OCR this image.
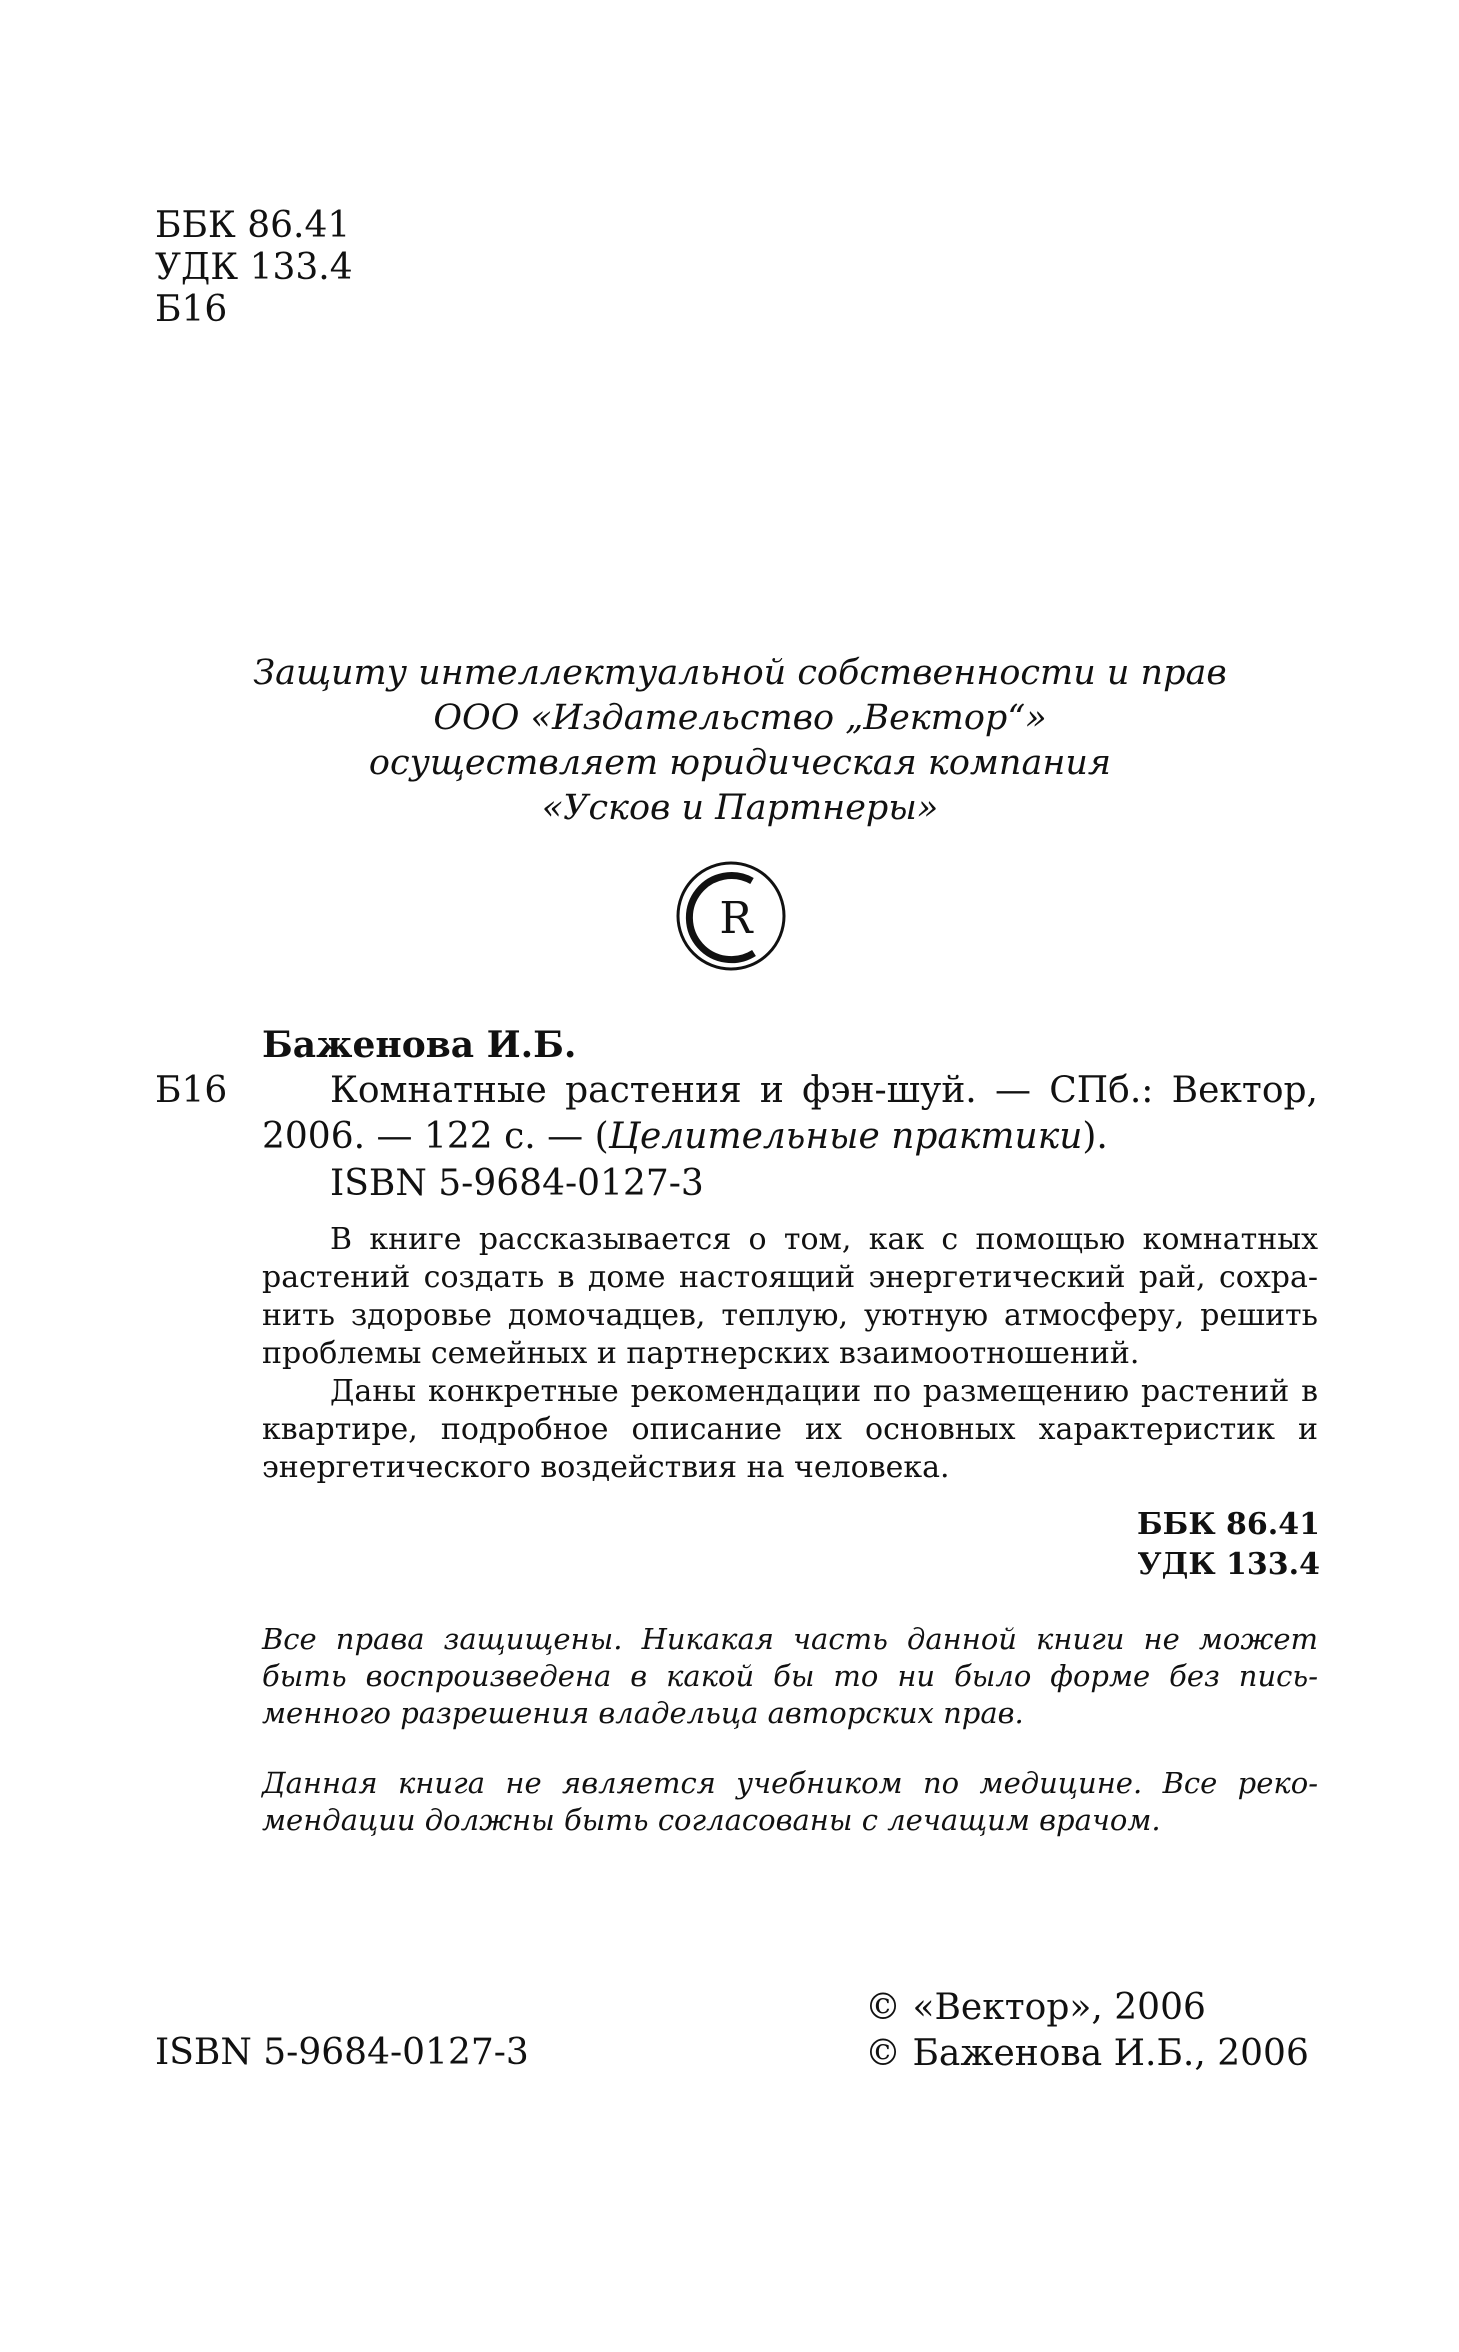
ББК 86.41
УДК 133.4
Б16
Защиту интеллектуальной собственности и прав
ООО «Издательство „Вектор“»
осуществляет юридическая компания
«Усков и Партнеры»
R
Баженова И.Б.
Б16	Комнатные растения и фэн-шуй. — СПб.: Вектор,
2006. — 122 с. — (Целительные практики).
ISBN 5-9684-0127-3

В книге рассказывается о том, как с помощью комнатных растений создать в доме настоящий энергетический рай, сохранить здоровье домочадцев, теплую, уютную атмосферу, решить проблемы семейных и партнерских взаимоотношений.

Даны конкретные рекомендации по размещению растений в квартире, подробное описание их основных характеристик и энергетического воздействия на человека.

ББК 86.41
УДК 133.4

Все права защищены. Никакая часть данной книги не может быть воспроизведена в какой бы то ни было форме без письменного разрешения владельца авторских прав.

Данная книга не является учебником по медицине. Все рекомендации должны быть согласованы с лечащим врачом.

ISBN 5-9684-0127-3
© «Вектор», 2006
© Баженова И.Б., 2006
